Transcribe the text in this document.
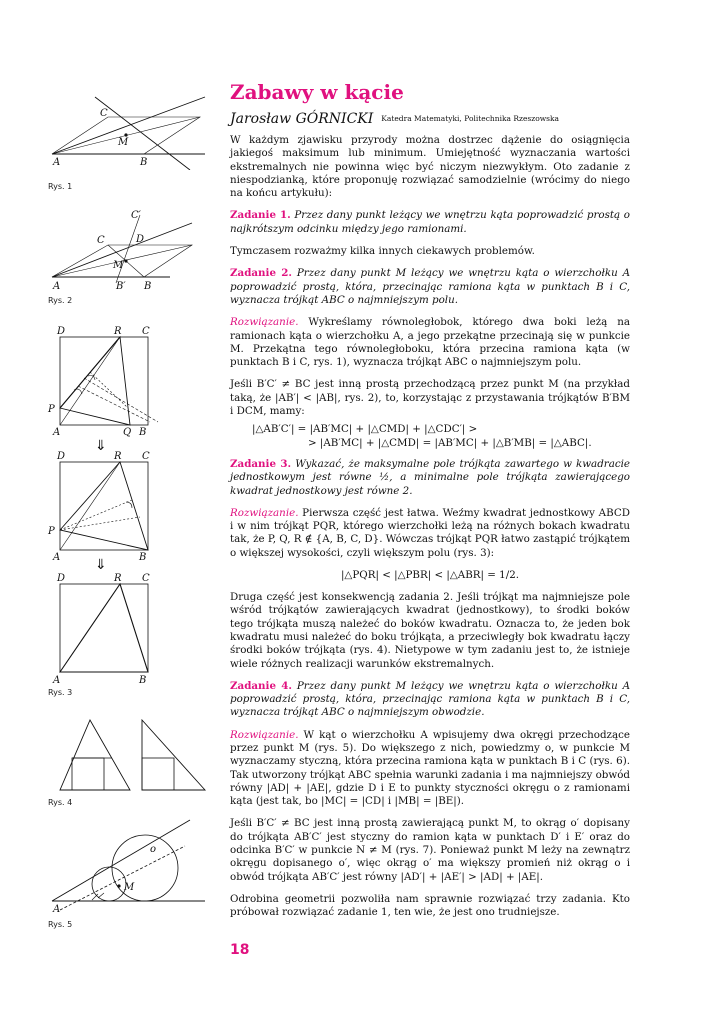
C
M
A	B
Rys. 1
C′
C	D
M
A	B′ B
Rys. 2
D	R C
P
A	Q B
⇓
D	R C
P
A	B
⇓
D	R C
A	B
Rys. 3
Rys. 4
o
M
A
Rys. 5
Zabawy w kącie
Jarosław GÓRNICKI Katedra Matematyki, Politechnika Rzeszowska

W każdym zjawisku przyrody można dostrzec dążenie do osiągnięcia jakiegoś maksimum lub minimum. Umiejętność wyznaczania wartości ekstremalnych nie powinna więc być niczym niezwykłym. Oto zadanie z niespodzianką, które proponuję rozwiązać samodzielnie (wrócimy do niego na końcu artykułu):

Zadanie 1. Przez dany punkt leżący we wnętrzu kąta poprowadzić prostą o najkrótszym odcinku między jego ramionami.

Tymczasem rozważmy kilka innych ciekawych problemów.

Zadanie 2. Przez dany punkt M leżący we wnętrzu kąta o wierzchołku A poprowadzić prostą, która, przecinając ramiona kąta w punktach B i C, wyznacza trójkąt ABC o najmniejszym polu.

Rozwiązanie. Wykreślamy równoległobok, którego dwa boki leżą na ramionach kąta o wierzchołku A, a jego przekątne przecinają się w punkcie M. Przekątna tego równoległoboku, która przecina ramiona kąta (w punktach B i C, rys. 1), wyznacza trójkąt ABC o najmniejszym polu.

Jeśli B′C′ ≠ BC jest inną prostą przechodzącą przez punkt M (na przykład taką, że |AB′| < |AB|, rys. 2), to, korzystając z przystawania trójkątów B′BM i DCM, mamy:

|△AB′C′| = |AB′MC| + |△CMD| + |△CDC′| >
> |AB′MC| + |△CMD| = |AB′MC| + |△B′MB| = |△ABC|.

Zadanie 3. Wykazać, że maksymalne pole trójkąta zawartego w kwadracie jednostkowym jest równe ½, a minimalne pole trójkąta zawierającego kwadrat jednostkowy jest równe 2.

Rozwiązanie. Pierwsza część jest łatwa. Weźmy kwadrat jednostkowy ABCD i w nim trójkąt PQR, którego wierzchołki leżą na różnych bokach kwadratu tak, że P, Q, R ∉ {A, B, C, D}. Wówczas trójkąt PQR łatwo zastąpić trójkątem o większej wysokości, czyli większym polu (rys. 3):

|△PQR| < |△PBR| < |△ABR| = 1/2.

Druga część jest konsekwencją zadania 2. Jeśli trójkąt ma najmniejsze pole wśród trójkątów zawierających kwadrat (jednostkowy), to środki boków tego trójkąta muszą należeć do boków kwadratu. Oznacza to, że jeden bok kwadratu musi należeć do boku trójkąta, a przeciwległy bok kwadratu łączy środki boków trójkąta (rys. 4). Nietypowe w tym zadaniu jest to, że istnieje wiele różnych realizacji warunków ekstremalnych.

Zadanie 4. Przez dany punkt M leżący we wnętrzu kąta o wierzchołku A poprowadzić prostą, która, przecinając ramiona kąta w punktach B i C, wyznacza trójkąt ABC o najmniejszym obwodzie.

Rozwiązanie. W kąt o wierzchołku A wpisujemy dwa okręgi przechodzące przez punkt M (rys. 5). Do większego z nich, powiedzmy o, w punkcie M wyznaczamy styczną, która przecina ramiona kąta w punktach B i C (rys. 6). Tak utworzony trójkąt ABC spełnia warunki zadania i ma najmniejszy obwód równy |AD| + |AE|, gdzie D i E to punkty styczności okręgu o z ramionami kąta (jest tak, bo |MC| = |CD| i |MB| = |BE|).

Jeśli B′C′ ≠ BC jest inną prostą zawierającą punkt M, to okrąg o′ dopisany do trójkąta AB′C′ jest styczny do ramion kąta w punktach D′ i E′ oraz do odcinka B′C′ w punkcie N ≠ M (rys. 7). Ponieważ punkt M leży na zewnątrz okręgu dopisanego o′, więc okrąg o′ ma większy promień niż okrąg o i obwód trójkąta AB′C′ jest równy |AD′| + |AE′| > |AD| + |AE|.

Odrobina geometrii pozwoliła nam sprawnie rozwiązać trzy zadania. Kto próbował rozwiązać zadanie 1, ten wie, że jest ono trudniejsze.

18
